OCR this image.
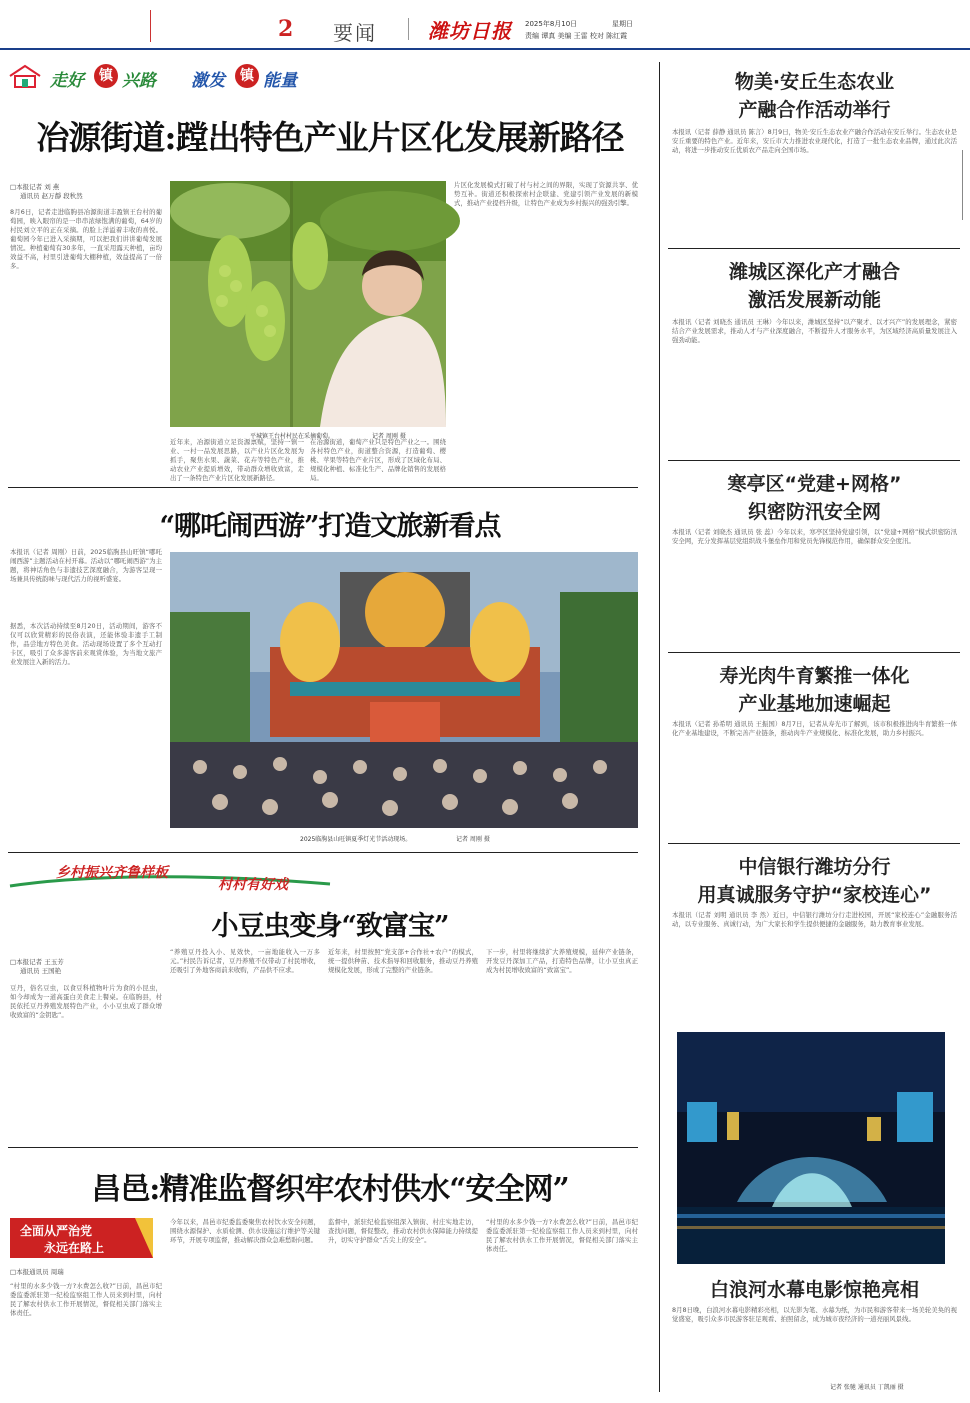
2 要闻	潍坊日报 2025年8月10日	星期日
责编 谭真 美编 王雷 校对 陈红霞
走好	镇 兴路 激发	镇 能量
冶源街道:蹚出特色产业片区化发展新路径
□本报记者 刘 燕
通讯员 赵万靜 段秋然
8月6日，记者走进临朐县冶源街道丰盈镇王台村的葡萄园，映入眼帘的是一串串浓绿饱满的葡萄，64岁的村民刘立平的正在采摘。的脸上洋溢着丰收的喜悦。葡萄园今年已进入采摘期，可以把我们讲讲葡萄发展情况。种植葡萄有30多年，一直采用露天种植，亩均效益不高，村里引进葡萄大棚种植，效益提高了一倍多。
平城镇王台村村民在采摘葡萄。	记者 周刚 摄
近年来，冶源街道立足资源禀赋，坚持一镇一业、一村一品发展思路，以产业片区化发展为抓手，聚焦水果、蔬菜、花卉等特色产业，推动农业产业提质增效，带动群众增收致富，走出了一条特色产业片区化发展新路径。
在冶源街道，葡萄产业只是特色产业之一。围绕各村特色产业，街道整合资源，打造葡萄、樱桃、苹果等特色产业片区，形成了区域化布局、规模化种植、标准化生产、品牌化销售的发展格局。
片区化发展模式打破了村与村之间的界限，实现了资源共享、优势互补。街道还积极探索村企联建、党建引领产业发展的新模式，推动产业提档升级，让特色产业成为乡村振兴的强劲引擎。
“哪吒闹西游”打造文旅新看点
本报讯（记者 周刚）日前，2025临朐县山旺镇“哪吒闹西游”主题活动在村开幕。活动以“哪吒闹西游”为主题，将神话角色与非遗技艺深度融合，为游客呈现一场兼具传统韵味与现代活力的视听盛宴。
据悉，本次活动持续至8月20日，活动期间，游客不仅可以欣赏精彩的民俗表演，还能体验非遗手工制作，品尝地方特色美食。活动现场设置了多个互动打卡区，吸引了众多游客前来观赏体验，为当地文旅产业发展注入新的活力。
2025临朐县山旺镇夏季灯光节活动现场。	记者 周刚 摄
乡村振兴齐鲁样板
村村有好戏
小豆虫变身“致富宝”
□本报记者 王玉芳
通讯员 王国艳
豆丹，俗名豆虫，以食豆科植物叶片为食的小昆虫，如今却成为一道高蛋白美食走上餐桌。在临朐县，村民依托豆丹养殖发展特色产业，小小豆虫成了群众增收致富的“金钥匙”。
“养殖豆丹投入小、见效快，一亩地能收入一万多元。”村民告诉记者，豆丹养殖不仅带动了村民增收，还吸引了外地客商前来收购，产品供不应求。
近年来，村里按照“党支部+合作社+农户”的模式，统一提供种苗、技术指导和回收服务，推动豆丹养殖规模化发展，形成了完整的产业链条。
下一步，村里将继续扩大养殖规模，延伸产业链条，开发豆丹深加工产品，打造特色品牌，让小豆虫真正成为村民增收致富的“致富宝”。
昌邑:精准监督织牢农村供水“安全网”
全面从严治党
永远在路上
□本报通讯员 周瑞
“村里的水多少钱一方?水费怎么收?”日前，昌邑市纪委监委派驻第一纪检监察组工作人员来到村里，向村民了解农村供水工作开展情况，督促相关部门落实主体责任。
今年以来，昌邑市纪委监委聚焦农村饮水安全问题，围绕水源保护、水质检测、供水设施运行维护等关键环节，开展专项监督，推动解决群众急难愁盼问题。
监督中，派驻纪检监察组深入镇街、村庄实地走访，查找问题，督促整改，推动农村供水保障能力持续提升，切实守护群众“舌尖上的安全”。
“村里的水多少钱一方?水费怎么收?”日前，昌邑市纪委监委派驻第一纪检监察组工作人员来到村里，向村民了解农村供水工作开展情况，督促相关部门落实主体责任。
物美·安丘生态农业
产融合作活动举行
本报讯（记者 薛静 通讯员 陈言）8月9日，物美·安丘生态农业产融合作活动在安丘举行。生态农业是安丘重要的特色产业。近年来，安丘市大力推进农业现代化，打造了一批生态农业品牌，通过此次活动，将进一步推动安丘优质农产品走向全国市场。
潍城区深化产才融合
激活发展新动能
本报讯（记者 刘晓杰 通讯员 王琳）今年以来，潍城区坚持“以产聚才、以才兴产”的发展理念，紧密结合产业发展需求，推动人才与产业深度融合，不断提升人才服务水平，为区域经济高质量发展注入强劲动能。
寒亭区“党建+网格”
织密防汛安全网
本报讯（记者 刘晓杰 通讯员 张 蕊）今年以来，寒亭区坚持党建引领，以“党建+网格”模式织密防汛安全网，充分发挥基层党组织战斗堡垒作用和党员先锋模范作用，确保群众安全度汛。
寿光肉牛育繁推一体化
产业基地加速崛起
本报讯（记者 孙希明 通讯员 王振国）8月7日，记者从寿光市了解到，该市积极推进肉牛育繁推一体化产业基地建设，不断完善产业链条，推动肉牛产业规模化、标准化发展，助力乡村振兴。
中信银行潍坊分行
用真诚服务守护“家校连心”
本报讯（记者 刘明 通讯员 李 然）近日，中信银行潍坊分行走进校园，开展“家校连心”金融服务活动，以专业服务、真诚行动，为广大家长和学生提供便捷的金融服务，助力教育事业发展。
白浪河水幕电影惊艳亮相
8月8日晚，白浪河水幕电影精彩亮相，以光影为笔、水幕为纸，为市民和游客带来一场美轮美奂的视觉盛宴，吸引众多市民游客驻足观看、拍照留念，成为城市夜经济的一道亮丽风景线。
记者 张驰 通讯员 丁凯丽 摄
